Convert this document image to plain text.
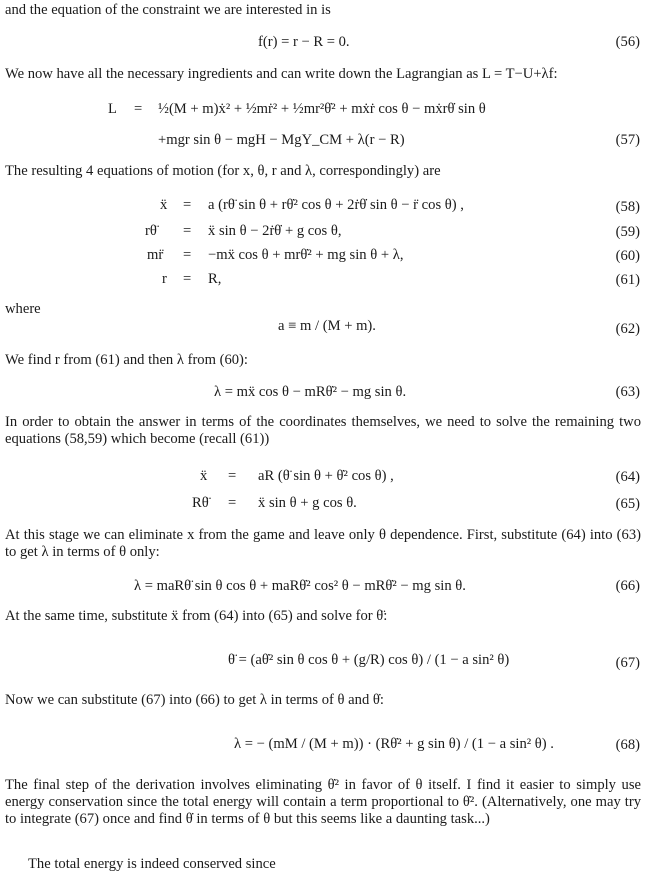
and the equation of the constraint we are interested in is
f(r) = r − R = 0.	(56)
We now have all the necessary ingredients and can write down the Lagrangian as L = T−U+λf:
L = ½(M + m)ẋ² + ½mṙ² + ½mr²θ̇² + mẋṙ cos θ − mẋrθ̇ sin θ
+mgr sin θ − mgH − MgY_CM + λ(r − R)	(57)
The resulting 4 equations of motion (for x, θ, r and λ, correspondingly) are
ẍ = a (rθ̈ sin θ + rθ̇² cos θ + 2ṙθ̇ sin θ − r̈ cos θ) ,	(58)
rθ̈ = ẍ sin θ − 2ṙθ̇ + g cos θ,	(59)
mr̈ = −mẍ cos θ + mrθ̇² + mg sin θ + λ,	(60)
r = R,	(61)
where
a ≡ m / (M + m).	(62)
We find r from (61) and then λ from (60):
λ = mẍ cos θ − mRθ̇² − mg sin θ.	(63)
In order to obtain the answer in terms of the coordinates themselves, we need to solve the remaining two equations (58,59) which become (recall (61))
ẍ = aR (θ̈ sin θ + θ̇² cos θ) ,	(64)
Rθ̈ = ẍ sin θ + g cos θ.	(65)
At this stage we can eliminate x from the game and leave only θ dependence. First, substitute (64) into (63) to get λ in terms of θ only:
λ = maRθ̈ sin θ cos θ + maRθ̇² cos² θ − mRθ̇² − mg sin θ.	(66)
At the same time, substitute ẍ from (64) into (65) and solve for θ̈:
θ̈ = (aθ̇² sin θ cos θ + (g/R) cos θ) / (1 − a sin² θ)	(67)
Now we can substitute (67) into (66) to get λ in terms of θ and θ̇:
λ = − (mM / (M + m)) · (Rθ̇² + g sin θ) / (1 − a sin² θ) .	(68)
The final step of the derivation involves eliminating θ̇² in favor of θ itself. I find it easier to simply use energy conservation since the total energy will contain a term proportional to θ̇². (Alternatively, one may try to integrate (67) once and find θ̇ in terms of θ but this seems like a daunting task...)
The total energy is indeed conserved since
